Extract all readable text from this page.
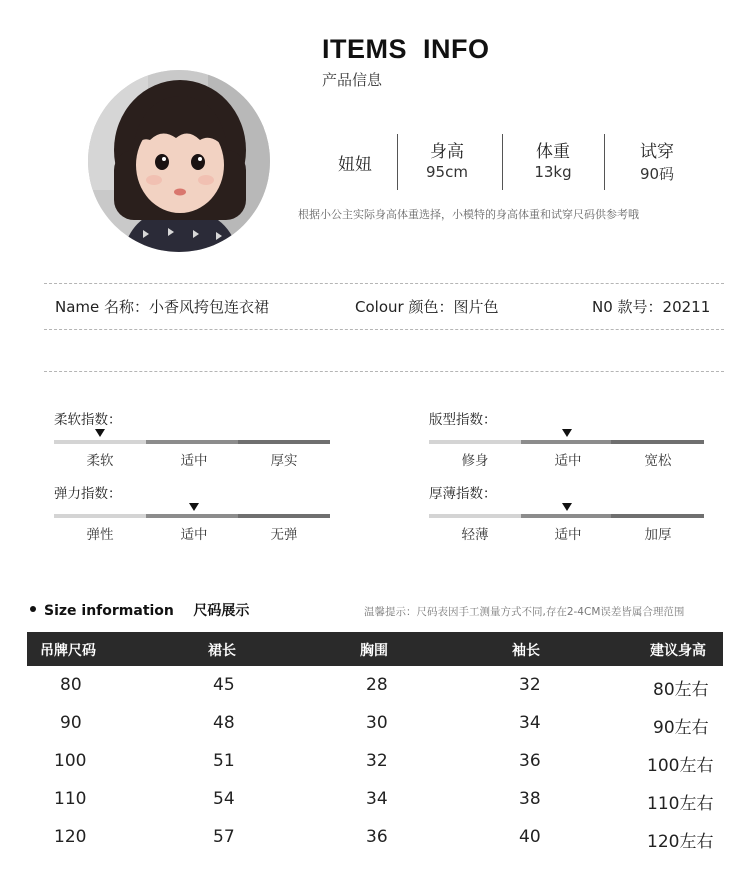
ITEMS  INFO
产品信息
妞妞
身高
95cm
体重
13kg
试穿
90码
根据小公主实际身高体重选择，小模特的身高体重和试穿尺码供参考哦
Name 名称：小香风挎包连衣裙	Colour 颜色：图片色	N0 款号：20211
柔软指数：
柔软	适中	厚实
版型指数：
修身	适中	宽松
弹力指数：
弹性	适中	无弹
厚薄指数：
轻薄	适中	加厚
Size information    尺码展示	温馨提示：尺码表因手工测量方式不同,存在2-4CM误差皆属合理范围
吊牌尺码	裙长	胸围	袖长	建议身高
80	45	28	32	80左右
90	48	30	34	90左右
100	51	32	36	100左右
110	54	34	38	110左右
120	57	36	40	120左右
